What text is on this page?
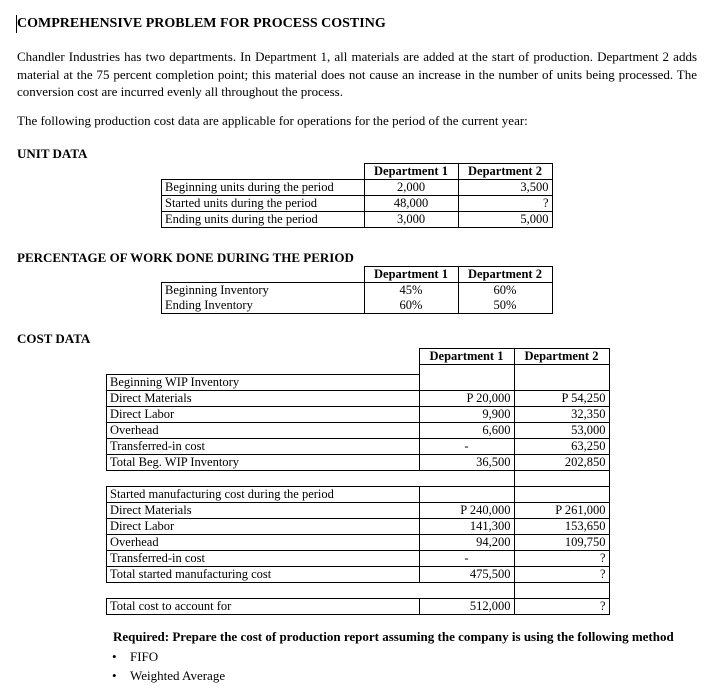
COMPREHENSIVE PROBLEM FOR PROCESS COSTING
Chandler Industries has two departments. In Department 1, all materials are added at the start of production. Department 2 adds material at the 75 percent completion point; this material does not cause an increase in the number of units being processed. The conversion cost are incurred evenly all throughout the process.
The following production cost data are applicable for operations for the period of the current year:
UNIT DATA
	Department 1	Department 2
Beginning units during the period	2,000	3,500
Started units during the period	48,000	?
Ending units during the period	3,000	5,000
PERCENTAGE OF WORK DONE DURING THE PERIOD
	Department 1	Department 2
Beginning Inventory	45%	60%
Ending Inventory	60%	50%
COST DATA
	Department 1	Department 2

Beginning WIP Inventory		
Direct Materials	P 20,000	P 54,250
Direct Labor	9,900	32,350
Overhead	6,600	53,000
Transferred-in cost	-	63,250
Total Beg. WIP Inventory	36,500	202,850

Started manufacturing cost during the period		
Direct Materials	P 240,000	P 261,000
Direct Labor	141,300	153,650
Overhead	94,200	109,750
Transferred-in cost	-	?
Total started manufacturing cost	475,500	?

Total cost to account for	512,000	?
Required: Prepare the cost of production report assuming the company is using the following method
• FIFO
• Weighted Average
